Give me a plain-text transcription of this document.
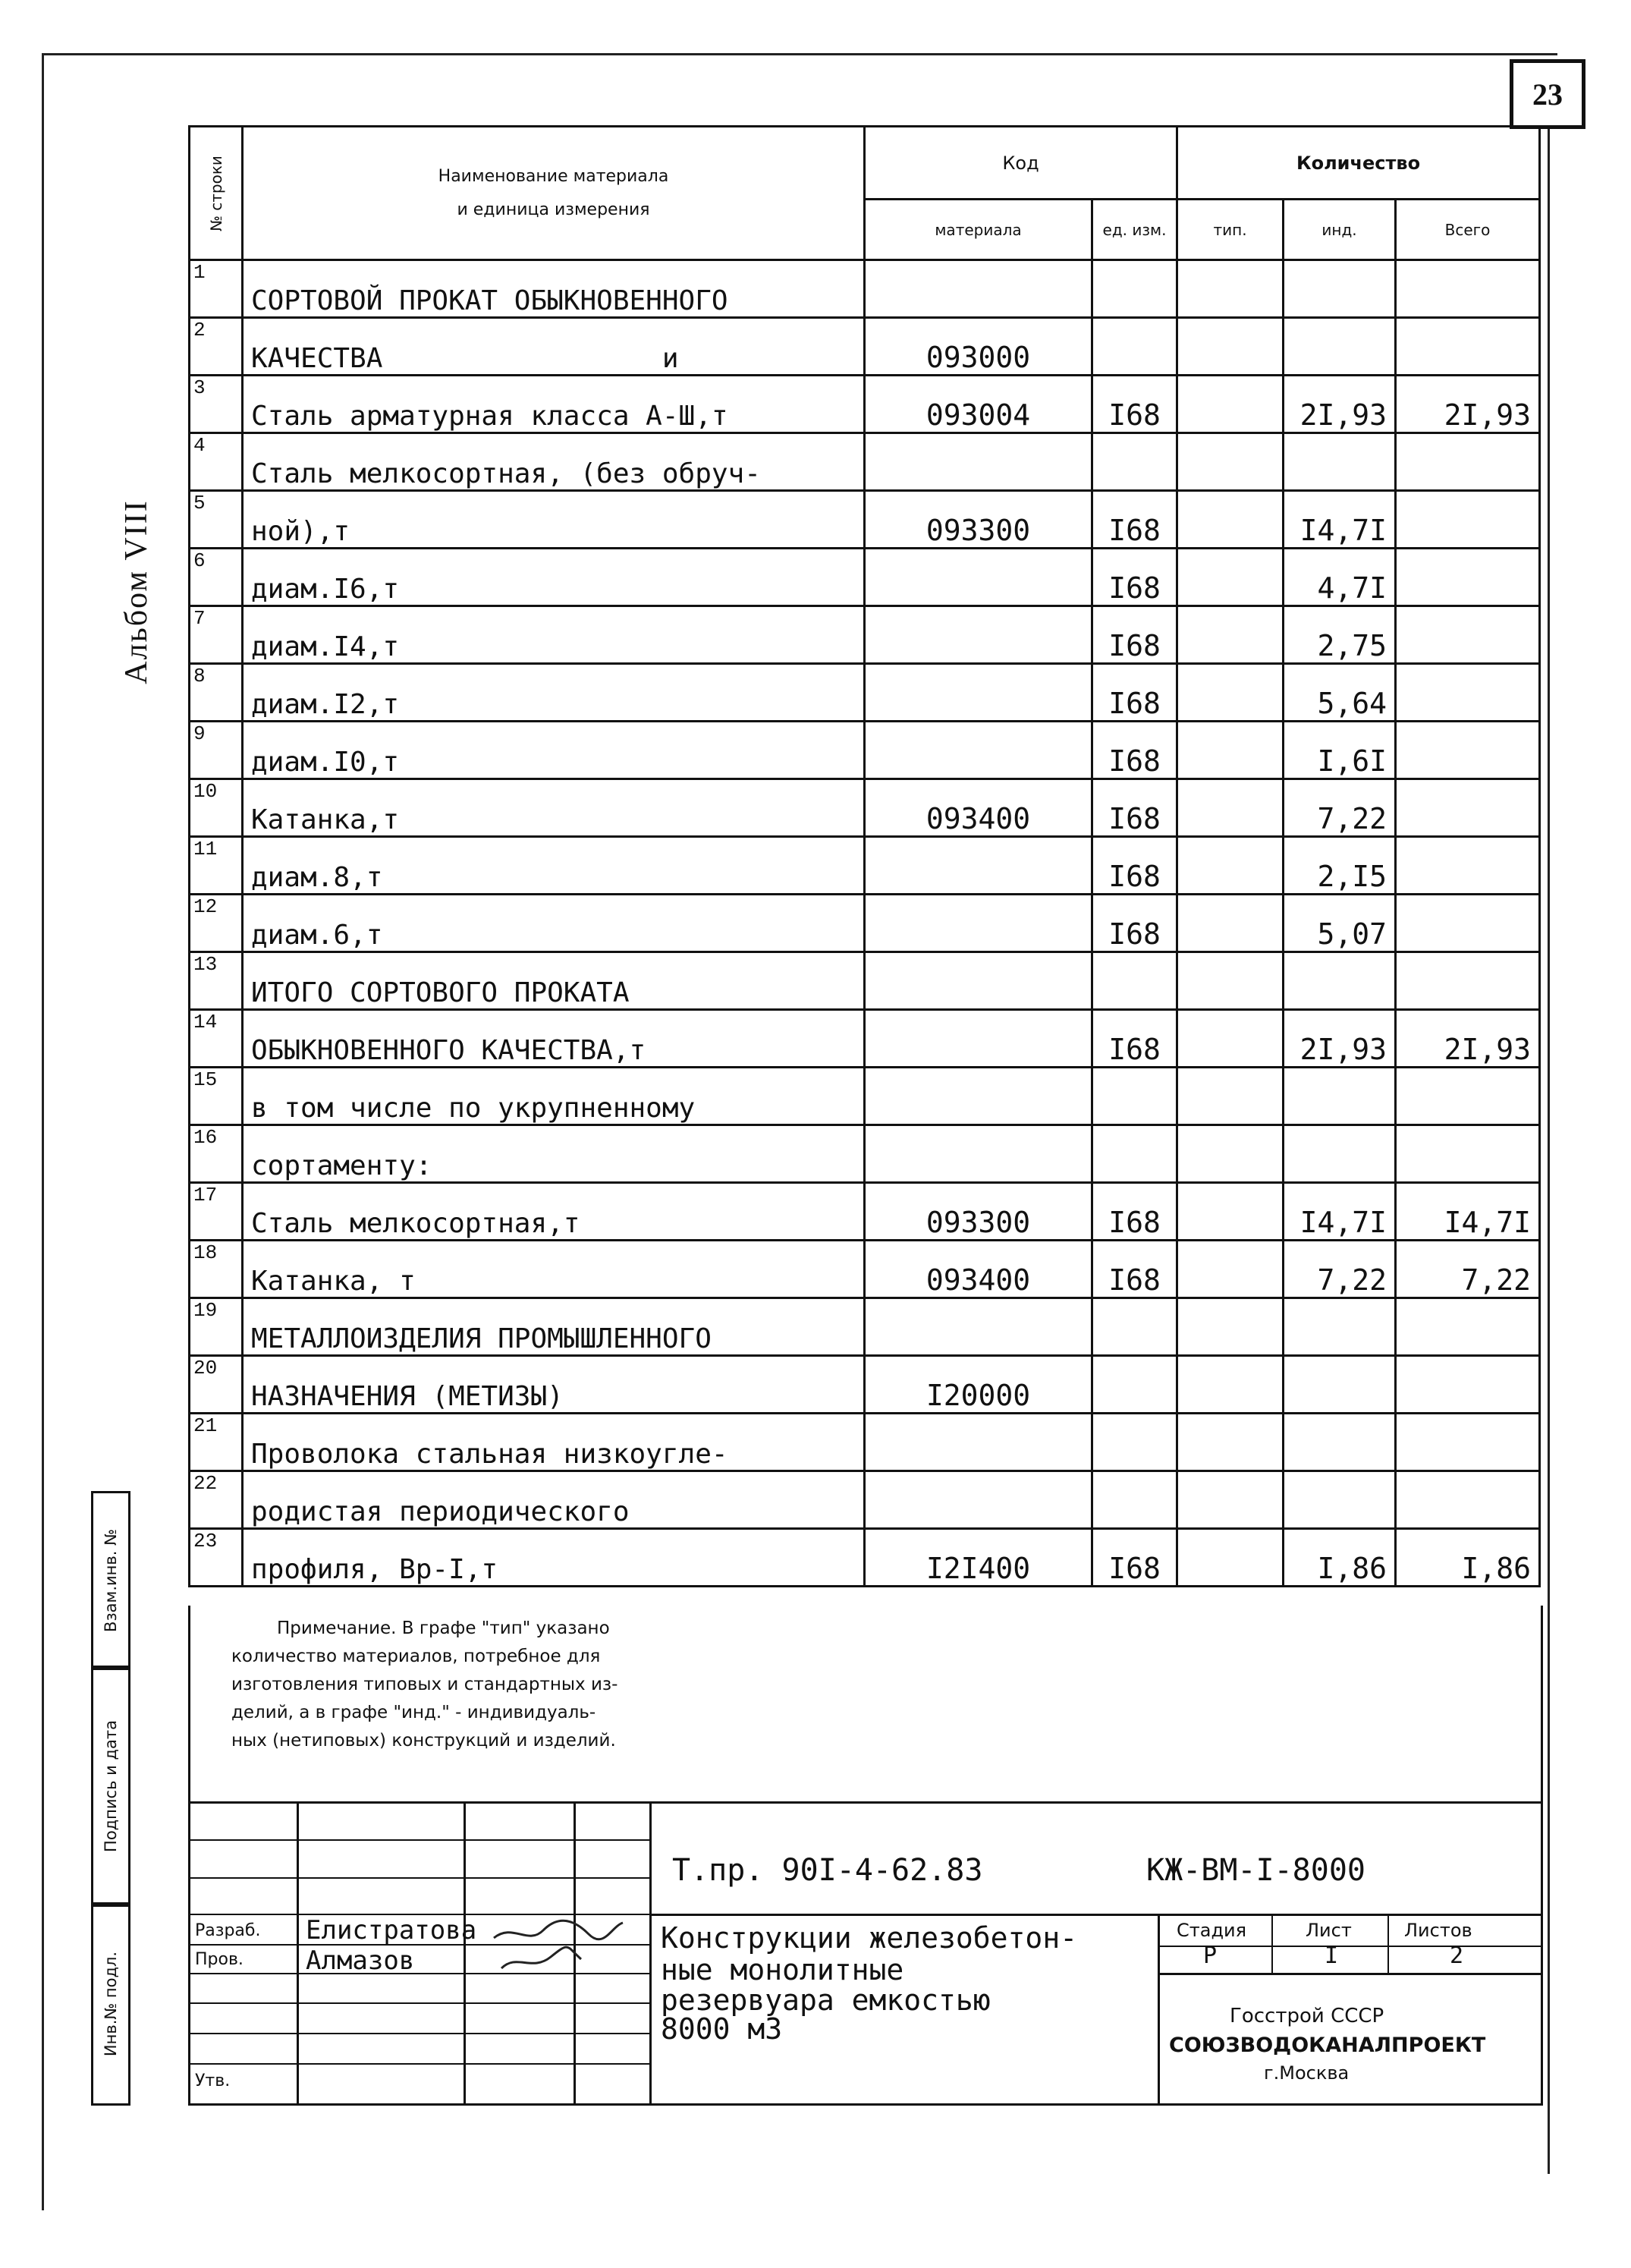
23
Альбом VIII
№ строки	Наименование материала
и единица измерения	Код		Количество		
		материала	ед. изм.	тип.	инд.	Всего
1	СОРТОВОЙ ПРОКАТ ОБЫКНОВЕННОГО					
2	КАЧЕСТВА                 и	093000				
3	Сталь арматурная класса А-Ш,т	093004	I68		2I,93	2I,93
4	Сталь мелкосортная, (без обруч-					
5	ной),т	093300	I68		I4,7I	
6	диам.I6,т		I68		4,7I	
7	диам.I4,т		I68		2,75	
8	диам.I2,т		I68		5,64	
9	диам.I0,т		I68		I,6I	
10	Катанка,т	093400	I68		7,22	
11	диам.8,т		I68		2,I5	
12	диам.6,т		I68		5,07	
13	ИТОГО СОРТОВОГО ПРОКАТА					
14	ОБЫКНОВЕННОГО КАЧЕСТВА,т		I68		2I,93	2I,93
15	в том числе по укрупненному					
16	сортаменту:					
17	Сталь мелкосортная,т	093300	I68		I4,7I	I4,7I
18	Катанка, т	093400	I68		7,22	7,22
19	МЕТАЛЛОИЗДЕЛИЯ ПРОМЫШЛЕННОГО					
20	НАЗНАЧЕНИЯ (МЕТИЗЫ)	I20000				
21	Проволока стальная низкоугле-					
22	родистая периодического					
23	профиля, Вр-I,т	I2I400	I68		I,86	I,86
Примечание. В графе "тип" указано
количество материалов, потребное для
изготовления типовых и стандартных из-
делий, а в графе "инд." - индивидуаль-
ных (нетиповых) конструкций и изделий.
Т.пр. 90I-4-62.83	КЖ-ВМ-I-8000
Разраб. Елистратова
Пров. Алмазов
Утв.
Конструкции железобетон-
ные монолитные
резервуара емкостью
8000 м3
Стадия	Лист	Листов
Р	I	2
Госстрой СССР
СОЮЗВОДОКАНАЛПРОЕКТ
г.Москва
Взам.инв. №
Подпись и дата
Инв.№ подл.
